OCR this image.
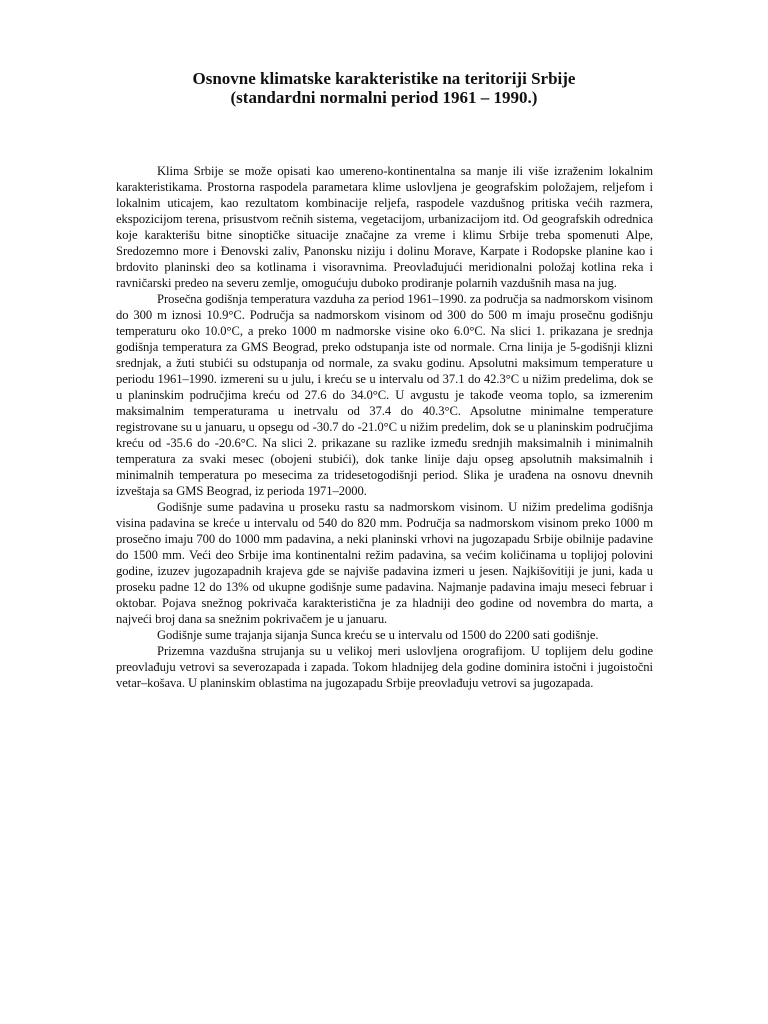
Osnovne klimatske karakteristike na teritoriji Srbije
(standardni normalni period 1961 – 1990.)

Klima Srbije se može opisati kao umereno-kontinentalna sa manje ili više izraženim lokalnim karakteristikama. Prostorna raspodela parametara klime uslovljena je geografskim položajem, reljefom i lokalnim uticajem, kao rezultatom kombinacije reljefa, raspodele vazdušnog pritiska većih razmera, ekspozicijom terena, prisustvom rečnih sistema, vegetacijom, urbanizacijom itd. Od geografskih odrednica koje karakterišu bitne sinoptičke situacije značajne za vreme i klimu Srbije treba spomenuti Alpe, Sredozemno more i Đenovski zaliv, Panonsku niziju i dolinu Morave, Karpate i Rodopske planine kao i brdovito planinski deo sa kotlinama i visoravnima. Preovlađujući meridionalni položaj kotlina reka i ravničarski predeo na severu zemlje, omogućuju duboko prodiranje polarnih vazdušnih masa na jug.

Prosečna godišnja temperatura vazduha za period 1961–1990. za područja sa nadmorskom visinom do 300 m iznosi 10.9°C. Područja sa nadmorskom visinom od 300 do 500 m imaju prosečnu godišnju temperaturu oko 10.0°C, a preko 1000 m nadmorske visine oko 6.0°C. Na slici 1. prikazana je srednja godišnja temperatura za GMS Beograd, preko odstupanja iste od normale. Crna linija je 5-godišnji klizni srednjak, a žuti stubići su odstupanja od normale, za svaku godinu. Apsolutni maksimum temperature u periodu 1961–1990. izmereni su u julu, i kreću se u intervalu od 37.1 do 42.3°C u nižim predelima, dok se u planinskim područjima kreću od 27.6 do 34.0°C. U avgustu je takođe veoma toplo, sa izmerenim maksimalnim temperaturama u inetrvalu od 37.4 do 40.3°C. Apsolutne minimalne temperature registrovane su u januaru, u opsegu od -30.7 do -21.0°C u nižim predelim, dok se u planinskim područjima kreću od -35.6 do -20.6°C. Na slici 2. prikazane su razlike između srednjih maksimalnih i minimalnih temperatura za svaki mesec (obojeni stubići), dok tanke linije daju opseg apsolutnih maksimalnih i minimalnih temperatura po mesecima za tridesetogodišnji period. Slika je urađena na osnovu dnevnih izveštaja sa GMS Beograd, iz perioda 1971–2000.

Godišnje sume padavina u proseku rastu sa nadmorskom visinom. U nižim predelima godišnja visina padavina se kreće u intervalu od 540 do 820 mm. Područja sa nadmorskom visinom preko 1000 m prosečno imaju 700 do 1000 mm padavina, a neki planinski vrhovi na jugozapadu Srbije obilnije padavine do 1500 mm. Veći deo Srbije ima kontinentalni režim padavina, sa većim količinama u toplijoj polovini godine, izuzev jugozapadnih krajeva gde se najviše padavina izmeri u jesen. Najkišovitiji je juni, kada u proseku padne 12 do 13% od ukupne godišnje sume padavina. Najmanje padavina imaju meseci februar i oktobar. Pojava snežnog pokrivača karakteristična je za hladniji deo godine od novembra do marta, a najveći broj dana sa snežnim pokrivačem je u januaru.

Godišnje sume trajanja sijanja Sunca kreću se u intervalu od 1500 do 2200 sati godišnje.

Prizemna vazdušna strujanja su u velikoj meri uslovljena orografijom. U toplijem delu godine preovlađuju vetrovi sa severozapada i zapada. Tokom hladnijeg dela godine dominira istočni i jugoistočni vetar–košava. U planinskim oblastima na jugozapadu Srbije preovlađuju vetrovi sa jugozapada.
